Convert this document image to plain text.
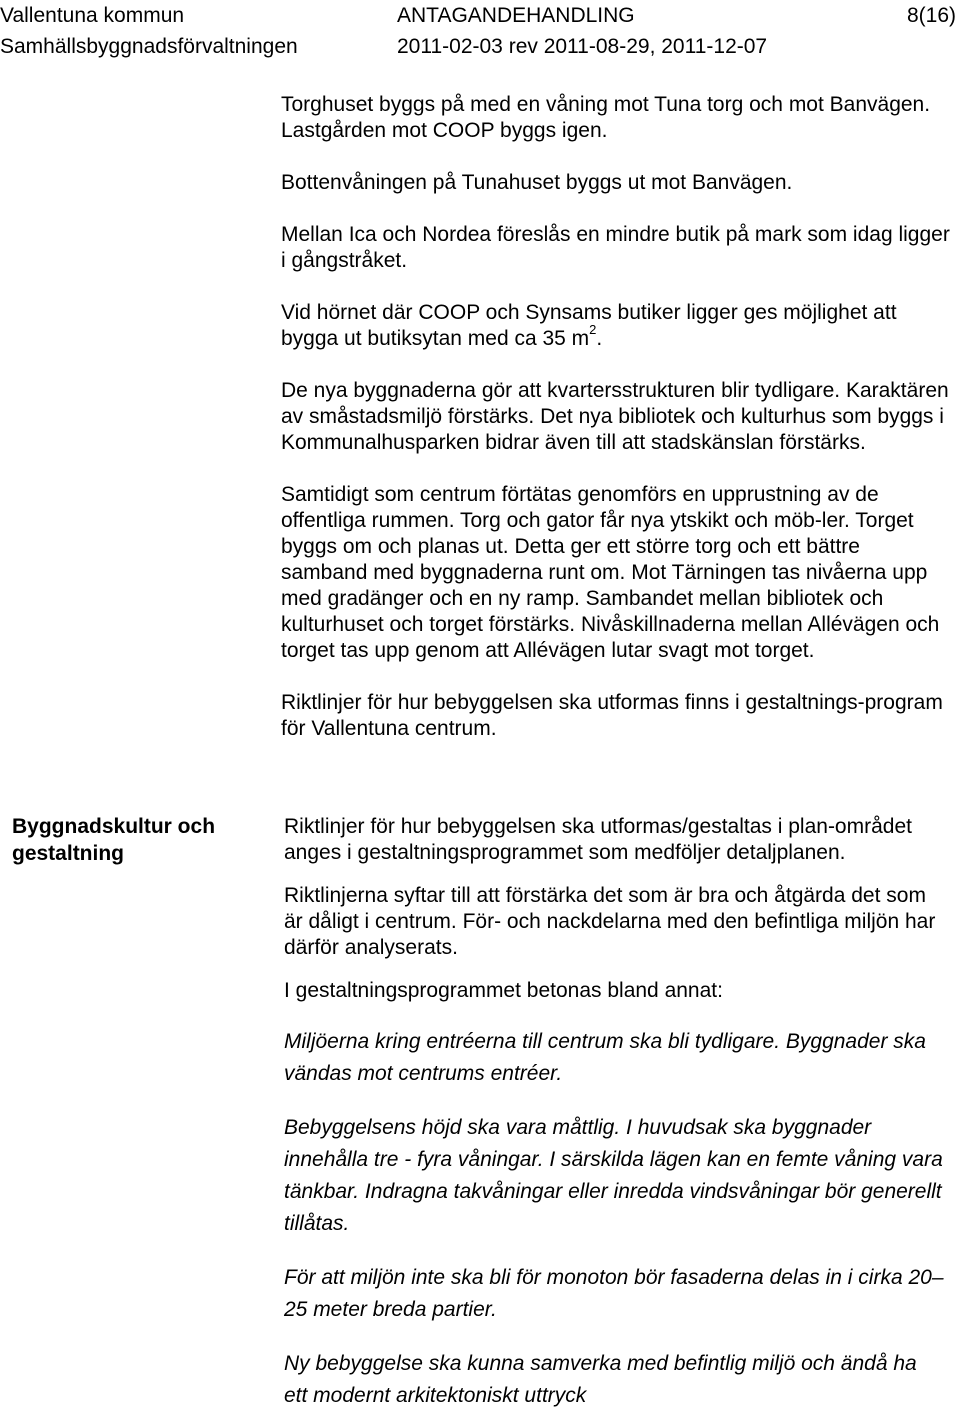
Vallentuna kommun	ANTAGANDEHANDLING	8(16)
Samhällsbyggnadsförvaltningen	2011-02-03 rev 2011-08-29, 2011-12-07

Torghuset byggs på med en våning mot Tuna torg och mot Banvägen. Lastgården mot COOP byggs igen.

Bottenvåningen på Tunahuset byggs ut mot Banvägen.

Mellan Ica och Nordea föreslås en mindre butik på mark som idag ligger i gångstråket.

Vid hörnet där COOP och Synsams butiker ligger ges möjlighet att bygga ut butiksytan med ca 35 $m^2$.

De nya byggnaderna gör att kvartersstrukturen blir tydligare. Karaktären av småstadsmiljö förstärks. Det nya bibliotek och kulturhus som byggs i Kommunalhusparken bidrar även till att stadskänslan förstärks.

Samtidigt som centrum förtätas genomförs en upprustning av de offentliga rummen. Torg och gator får nya ytskikt och möb-ler. Torget byggs om och planas ut. Detta ger ett större torg och ett bättre samband med byggnaderna runt om. Mot Tärningen tas nivåerna upp med gradänger och en ny ramp. Sambandet mellan bibliotek och kulturhuset och torget förstärks. Nivåskillnaderna mellan Allévägen och torget tas upp genom att Allévägen lutar svagt mot torget.

Riktlinjer för hur bebyggelsen ska utformas finns i gestaltnings-program för Vallentuna centrum.

Byggnadskultur och gestaltning

Riktlinjer för hur bebyggelsen ska utformas/gestaltas i plan-området anges i gestaltningsprogrammet som medföljer detaljplanen.

Riktlinjerna syftar till att förstärka det som är bra och åtgärda det som är dåligt i centrum. För- och nackdelarna med den befintliga miljön har därför analyserats.

I gestaltningsprogrammet betonas bland annat:

Miljöerna kring entréerna till centrum ska bli tydligare. Byggnader ska vändas mot centrums entréer.

Bebyggelsens höjd ska vara måttlig. I huvudsak ska byggnader innehålla tre - fyra våningar. I särskilda lägen kan en femte våning vara tänkbar. Indragna takvåningar eller inredda vindsvåningar bör generellt tillåtas.

För att miljön inte ska bli för monoton bör fasaderna delas in i cirka 20–25 meter breda partier.

Ny bebyggelse ska kunna samverka med befintlig miljö och ändå ha ett modernt arkitektoniskt uttryck
